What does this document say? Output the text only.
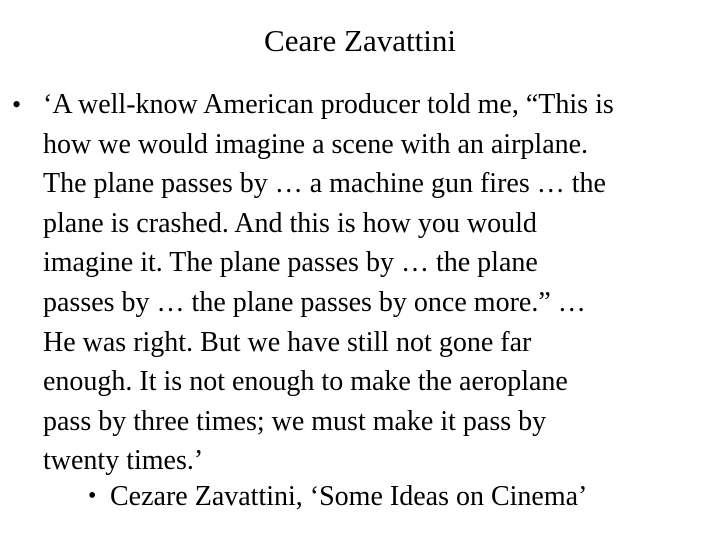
Ceare Zavattini
• ‘A well-know American producer told me, “This is
how we would imagine a scene with an airplane.
The plane passes by … a machine gun fires … the
plane is crashed. And this is how you would
imagine it. The plane passes by … the plane
passes by … the plane passes by once more.” …
He was right. But we have still not gone far
enough. It is not enough to make the aeroplane
pass by three times; we must make it pass by
twenty times.’
• Cezare Zavattini, ‘Some Ideas on Cinema’
